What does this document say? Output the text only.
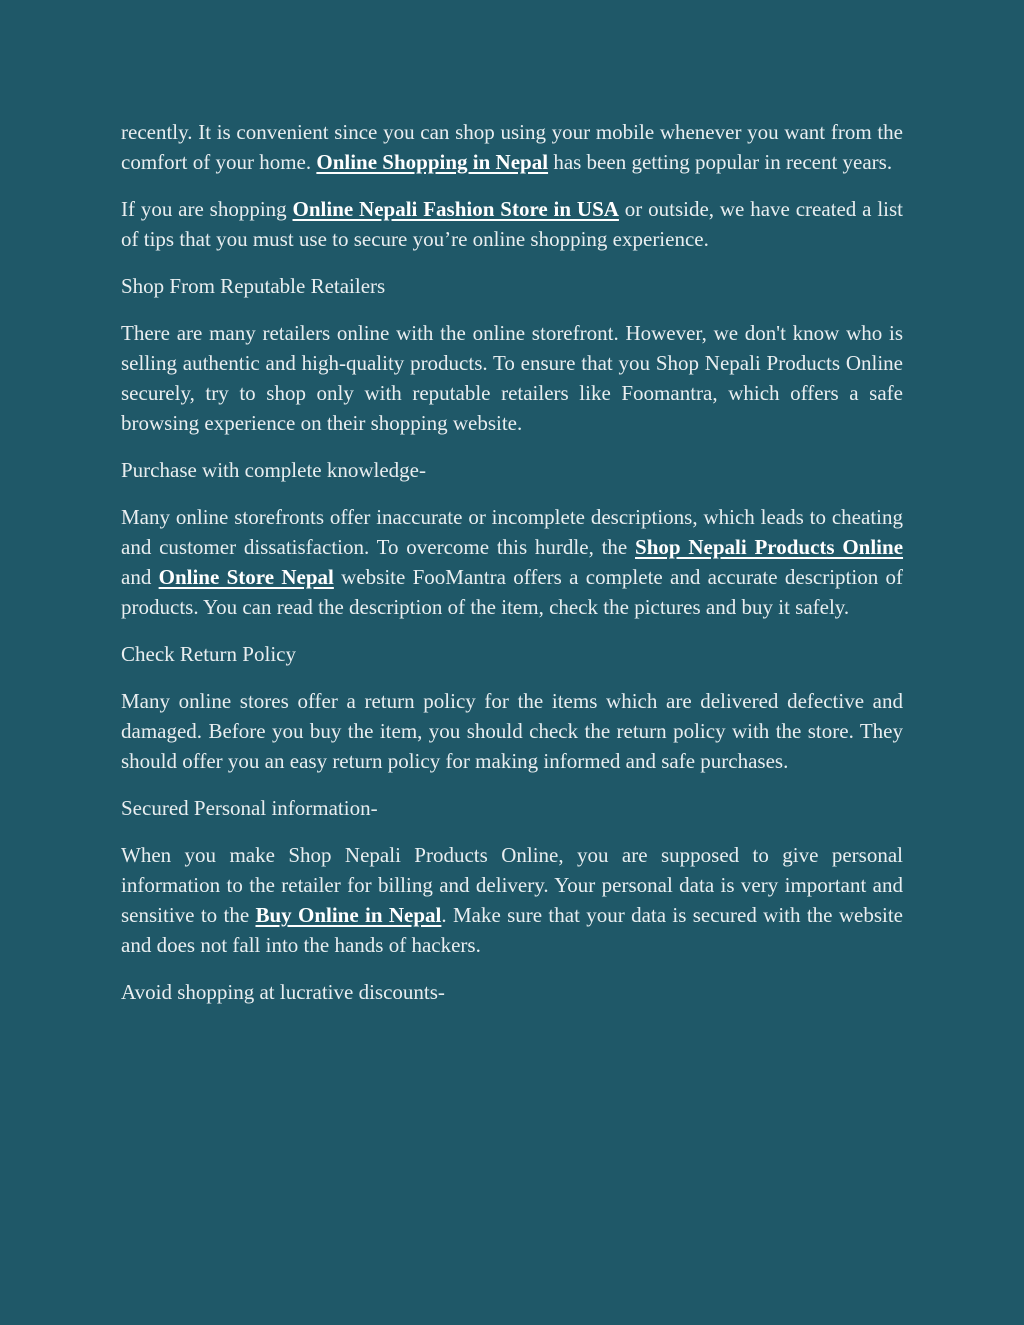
recently. It is convenient since you can shop using your mobile whenever you want from the comfort of your home. Online Shopping in Nepal has been getting popular in recent years.

If you are shopping Online Nepali Fashion Store in USA or outside, we have created a list of tips that you must use to secure you’re online shopping experience.

Shop From Reputable Retailers

There are many retailers online with the online storefront. However, we don't know who is selling authentic and high-quality products. To ensure that you Shop Nepali Products Online securely, try to shop only with reputable retailers like Foomantra, which offers a safe browsing experience on their shopping website.

Purchase with complete knowledge-

Many online storefronts offer inaccurate or incomplete descriptions, which leads to cheating and customer dissatisfaction. To overcome this hurdle, the Shop Nepali Products Online and Online Store Nepal website FooMantra offers a complete and accurate description of products. You can read the description of the item, check the pictures and buy it safely.

Check Return Policy

Many online stores offer a return policy for the items which are delivered defective and damaged. Before you buy the item, you should check the return policy with the store. They should offer you an easy return policy for making informed and safe purchases.

Secured Personal information-

When you make Shop Nepali Products Online, you are supposed to give personal information to the retailer for billing and delivery. Your personal data is very important and sensitive to the Buy Online in Nepal. Make sure that your data is secured with the website and does not fall into the hands of hackers.

Avoid shopping at lucrative discounts-
